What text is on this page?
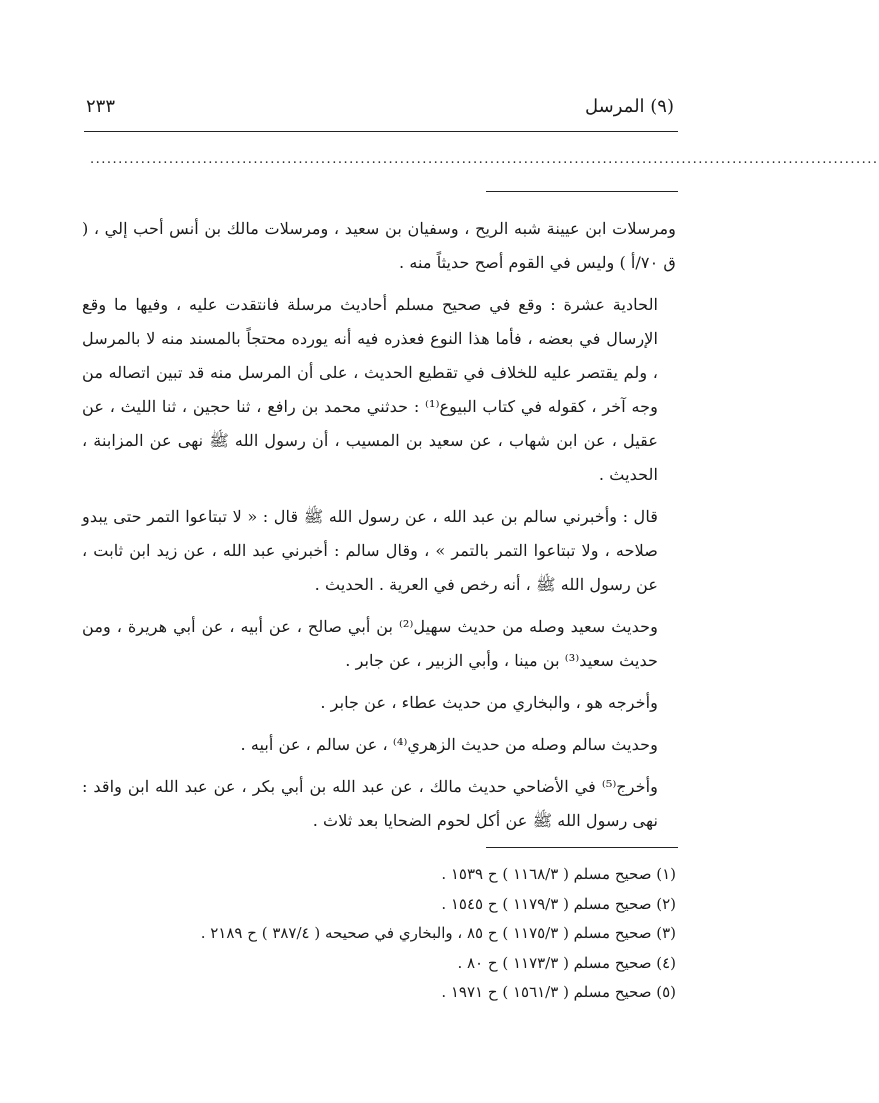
(٩) المرسل
٢٣٣
............................................................................................................................................

ومرسلات ابن عيينة شبه الريح ، وسفيان بن سعيد ، ومرسلات مالك بن أنس أحب إلي ، ( ق ٧٠/أ ) وليس في القوم أصح حديثاً منه .

الحادية عشرة : وقع في صحيح مسلم أحاديث مرسلة فانتقدت عليه ، وفيها ما وقع الإرسال في بعضه ، فأما هذا النوع فعذره فيه أنه يورده محتجاً بالمسند منه لا بالمرسل ، ولم يقتصر عليه للخلاف في تقطيع الحديث ، على أن المرسل منه قد تبين اتصاله من وجه آخر ، كقوله في كتاب البيوع⁽¹⁾ : حدثني محمد بن رافع ، ثنا حجين ، ثنا الليث ، عن عقيل ، عن ابن شهاب ، عن سعيد بن المسيب ، أن رسول الله ﷺ نهى عن المزابنة ، الحديث .

قال : وأخبرني سالم بن عبد الله ، عن رسول الله ﷺ قال : « لا تبتاعوا التمر حتى يبدو صلاحه ، ولا تبتاعوا التمر بالتمر » ، وقال سالم : أخبرني عبد الله ، عن زيد ابن ثابت ، عن رسول الله ﷺ ، أنه رخص في العرية . الحديث .

وحديث سعيد وصله من حديث سهيل⁽²⁾ بن أبي صالح ، عن أبيه ، عن أبي هريرة ، ومن حديث سعيد⁽³⁾ بن مينا ، وأبي الزبير ، عن جابر .

وأخرجه هو ، والبخاري من حديث عطاء ، عن جابر .

وحديث سالم وصله من حديث الزهري⁽⁴⁾ ، عن سالم ، عن أبيه .

وأخرج⁽⁵⁾ في الأضاحي حديث مالك ، عن عبد الله بن أبي بكر ، عن عبد الله ابن واقد : نهى رسول الله ﷺ عن أكل لحوم الضحايا بعد ثلاث .

(١) صحيح مسلم ( ١١٦٨/٣ ) ح ١٥٣٩ .
(٢) صحيح مسلم ( ١١٧٩/٣ ) ح ١٥٤٥ .
(٣) صحيح مسلم ( ١١٧٥/٣ ) ح ٨٥ ، والبخاري في صحيحه ( ٣٨٧/٤ ) ح ٢١٨٩ .
(٤) صحيح مسلم ( ١١٧٣/٣ ) ح ٨٠ .
(٥) صحيح مسلم ( ١٥٦١/٣ ) ح ١٩٧١ .
